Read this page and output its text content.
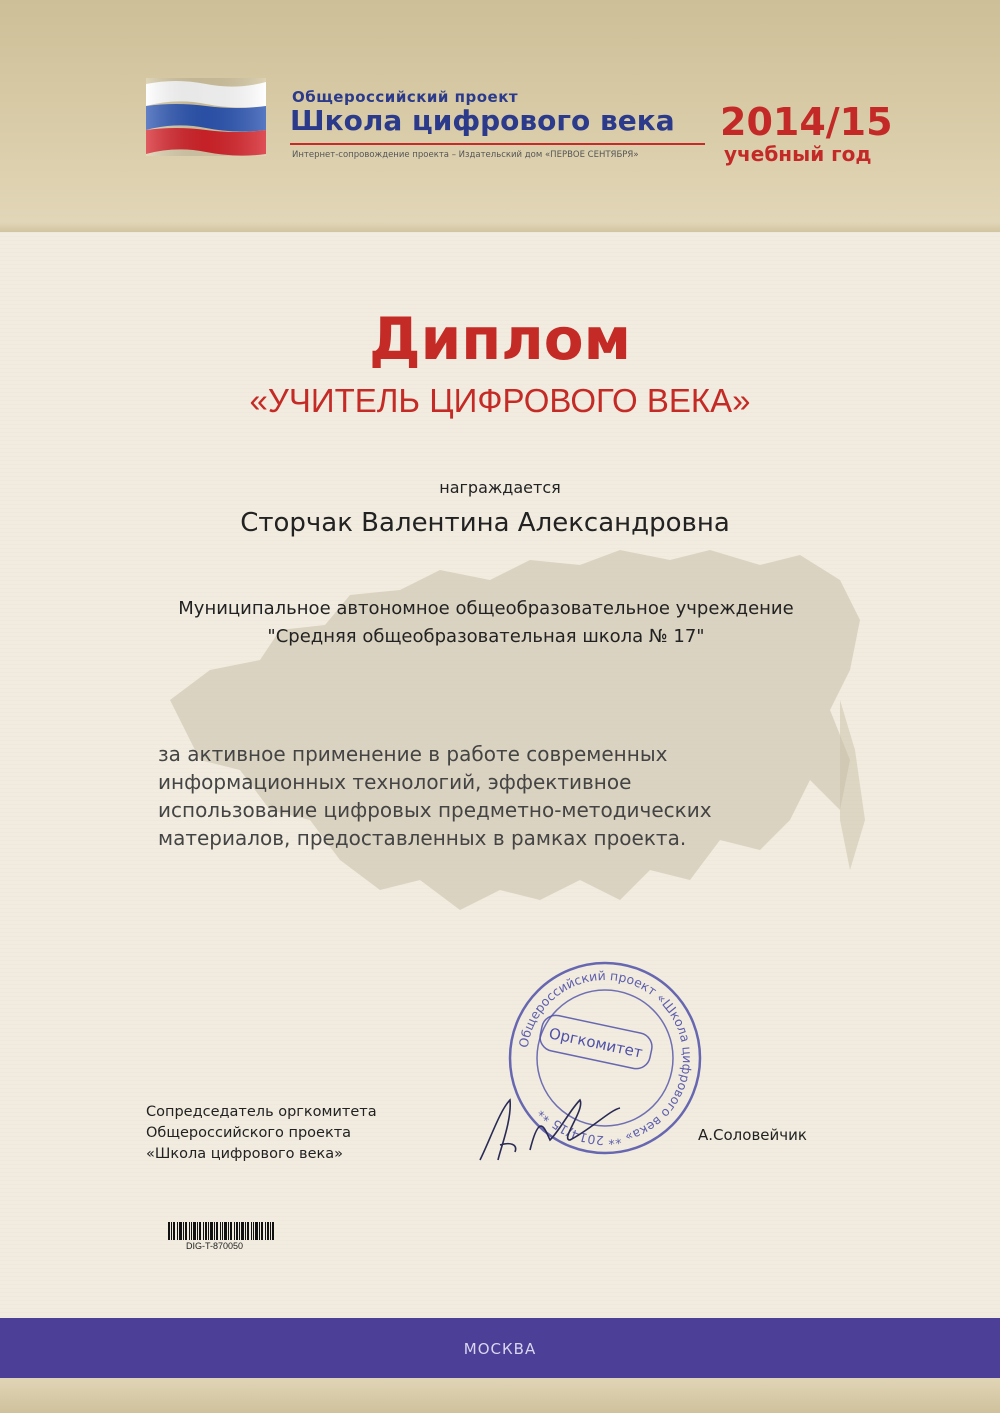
Общероссийский проект
Школа цифрового века
Интернет-сопровождение проекта – Издательский дом «ПЕРВОЕ СЕНТЯБРЯ»
2014/15
учебный год
Диплом
«УЧИТЕЛЬ ЦИФРОВОГО ВЕКА»
награждается
Сторчак Валентина Александровна
Муниципальное автономное общеобразовательное учреждение
"Средняя общеобразовательная школа № 17"
за активное применение в работе современных
информационных технологий, эффективное
использование цифровых предметно-методических
материалов, предоставленных в рамках проекта.
Общероссийский проект «Школа цифрового века» ** 2014/15 **
Оргкомитет
Сопредседатель оргкомитета
Общероссийского проекта
«Школа цифрового века»
А.Соловейчик
DIG-T-870050
МОСКВА
